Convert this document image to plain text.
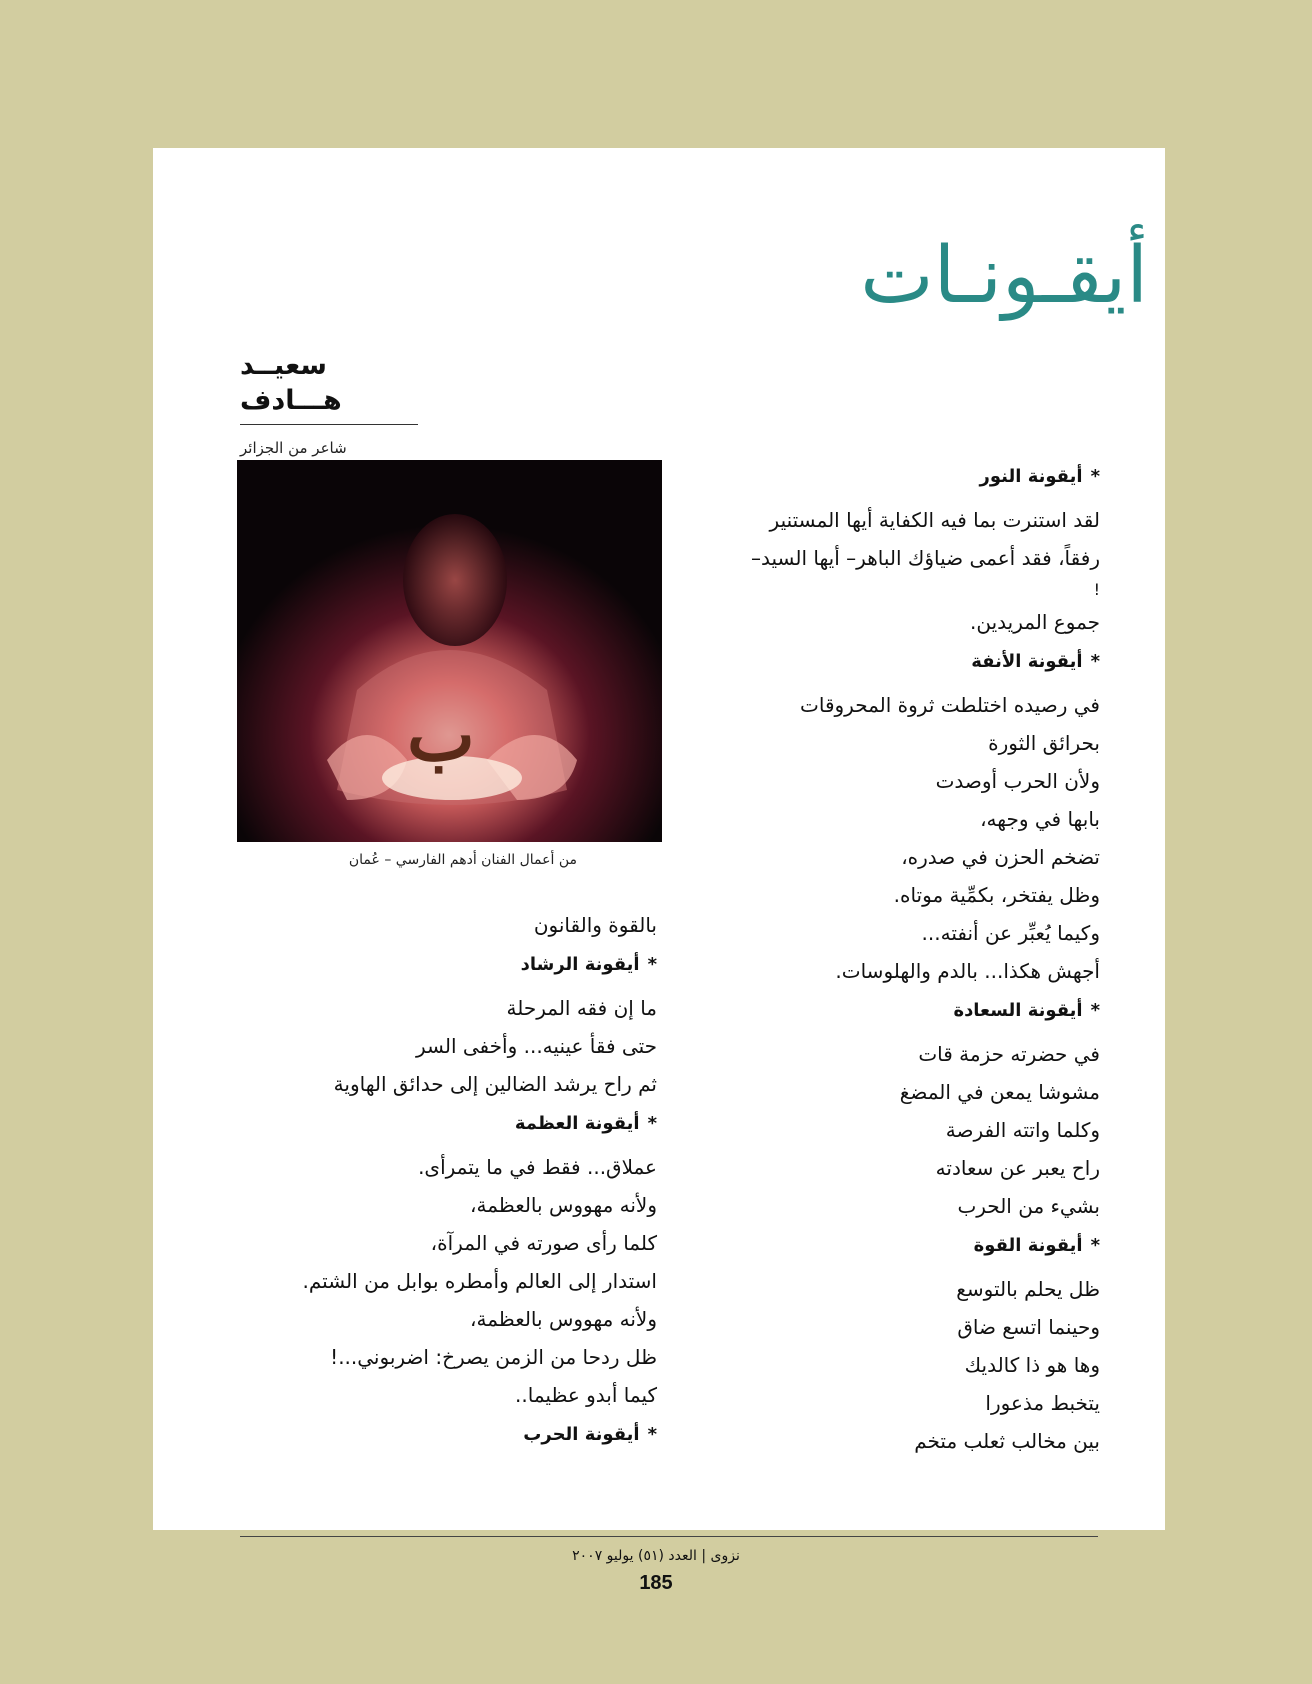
أيقـونـات
سعيــد هـــادف
شاعر من الجزائر
ب
من أعمال الفنان أدهم الفارسي – عُمان

*أيقونة النور

لقد استنرت بما فيه الكفاية أيها المستنير

رفقاً، فقد أعمى ضياؤك الباهر– أيها السيد–

!

جموع المريدين.

*أيقونة الأنفة

في رصيده اختلطت ثروة المحروقات

بحرائق الثورة

ولأن الحرب أوصدت

بابها في وجهه،

تضخم الحزن في صدره،

وظل يفتخر، بكمِّية موتاه.

وكيما يُعبِّر عن أنفته...

أجهش هكذا... بالدم والهلوسات.

*أيقونة السعادة

في حضرته حزمة قات

مشوشا يمعن في المضغ

وكلما واتته الفرصة

راح يعبر عن سعادته

بشيء من الحرب

*أيقونة القوة

ظل يحلم بالتوسع

وحينما اتسع ضاق

وها هو ذا كالديك

يتخبط مذعورا

بين مخالب ثعلب متخم

بالقوة والقانون

*أيقونة الرشاد

ما إن فقه المرحلة

حتى فقأ عينيه... وأخفى السر

ثم راح يرشد الضالين إلى حدائق الهاوية

*أيقونة العظمة

عملاق... فقط في ما يتمرأى.

ولأنه مهووس بالعظمة،

كلما رأى صورته في المرآة،

استدار إلى العالم وأمطره بوابل من الشتم.

ولأنه مهووس بالعظمة،

ظل ردحا من الزمن يصرخ: اضربوني...!

كيما أبدو عظيما..

*أيقونة الحرب

نزوى | العدد (٥١) يوليو ٢٠٠٧
185
